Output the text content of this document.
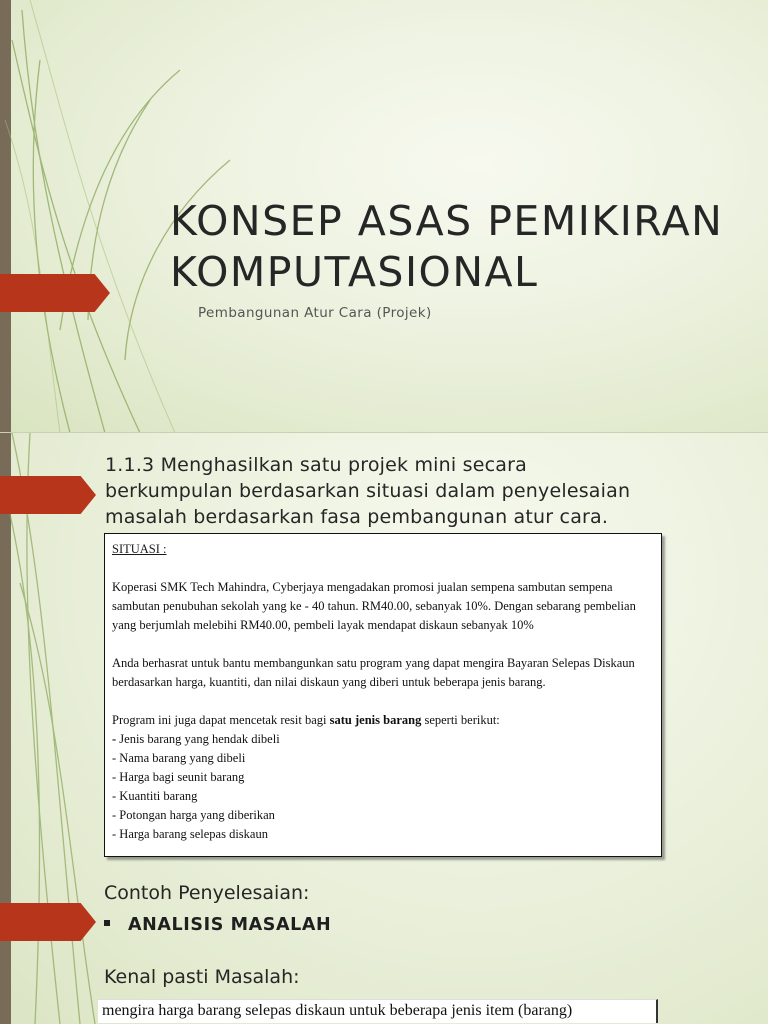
KONSEP ASAS PEMIKIRAN
KOMPUTASIONAL
Pembangunan Atur Cara (Projek)
1.1.3 Menghasilkan satu projek mini secara
berkumpulan berdasarkan situasi dalam penyelesaian
masalah berdasarkan fasa pembangunan atur cara.

SITUASI :

Koperasi SMK Tech Mahindra, Cyberjaya mengadakan promosi jualan sempena sambutan sempena sambutan penubuhan sekolah yang ke - 40 tahun. RM40.00, sebanyak 10%. Dengan sebarang pembelian yang berjumlah melebihi RM40.00, pembeli layak mendapat diskaun sebanyak 10%

Anda berhasrat untuk bantu membangunkan satu program yang dapat mengira Bayaran Selepas Diskaun berdasarkan harga, kuantiti, dan nilai diskaun yang diberi untuk beberapa jenis barang.

Program ini juga dapat mencetak resit bagi satu jenis barang seperti berikut:

- Jenis barang yang hendak dibeli

- Nama barang yang dibeli

- Harga bagi seunit barang

- Kuantiti barang

- Potongan harga yang diberikan

- Harga barang selepas diskaun

Contoh Penyelesaian:
ANALISIS MASALAH
Kenal pasti Masalah:
mengira harga barang selepas diskaun untuk beberapa jenis item (barang)
